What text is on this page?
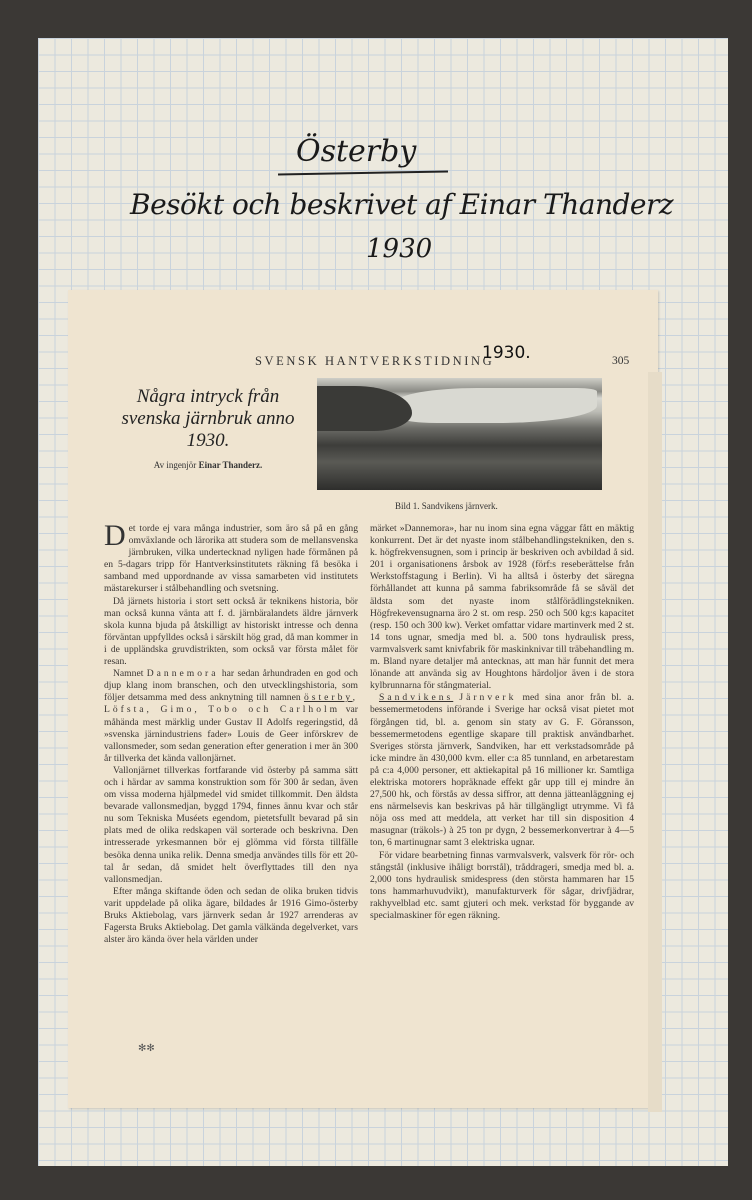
Österby
Besökt och beskrivet af Einar Thanderz
1930
SVENSK HANTVERKSTIDNING
1930.	305
Några intryck från svenska järnbruk anno 1930.
Av ingenjör Einar Thanderz.
Bild 1. Sandvikens järnverk.

Det torde ej vara många industrier, som äro så på en gång omväxlande och lärorika att studera som de mellansvenska järnbruken, vilka undertecknad nyligen hade förmånen på en 5-dagars tripp för Hantverksinstitutets räkning få besöka i samband med uppordnande av vissa samarbeten vid institutets mästarekurser i stålbehandling och svetsning.

Då järnets historia i stort sett också är teknikens historia, bör man också kunna vänta att f. d. järnbäralandets äldre järnverk skola kunna bjuda på åtskilligt av historiskt intresse och denna förväntan uppfylldes också i särskilt hög grad, då man kommer in i de uppländska gruvdistrikten, som också var första målet för resan.

Namnet Dannemora har sedan århundraden en god och djup klang inom branschen, och den utvecklingshistoria, som följer detsamma med dess anknytning till namnen österby, Löfsta, Gimo, Tobo och Carlholm var måhända mest märklig under Gustav II Adolfs regeringstid, då »svenska järnindustriens fader» Louis de Geer införskrev de vallonsmeder, som sedan generation efter generation i mer än 300 år tillverka det kända vallonjärnet.

Vallonjärnet tillverkas fortfarande vid österby på samma sätt och i härdar av samma konstruktion som för 300 år sedan, även om vissa moderna hjälpmedel vid smidet tillkommit. Den äldsta bevarade vallonsmedjan, byggd 1794, finnes ännu kvar och står nu som Tekniska Muséets egendom, pietetsfullt bevarad på sin plats med de olika redskapen väl sorterade och beskrivna. Den intresserade yrkesmannen bör ej glömma vid första tillfälle besöka denna unika relik. Denna smedja användes tills för ett 20-tal år sedan, då smidet helt överflyttades till den nya vallonsmedjan.

Efter många skiftande öden och sedan de olika bruken tidvis varit uppdelade på olika ägare, bildades år 1916 Gimo-österby Bruks Aktiebolag, vars järnverk sedan år 1927 arrenderas av Fagersta Bruks Aktiebolag. Det gamla välkända degelverket, vars alster äro kända över hela världen under

✻✻

märket »Dannemora», har nu inom sina egna väggar fått en mäktig konkurrent. Det är det nyaste inom stålbehandlingstekniken, den s. k. högfrekvensugnen, som i princip är beskriven och avbildad å sid. 201 i organisationens årsbok av 1928 (förf:s reseberättelse från Werkstoffstagung i Berlin). Vi ha alltså i österby det säregna förhållandet att kunna på samma fabriksområde få se såväl det äldsta som det nyaste inom stålförädlingstekniken. Högfrekevensugnarna äro 2 st. om resp. 250 och 500 kg:s kapacitet (resp. 150 och 300 kw). Verket omfattar vidare martinverk med 2 st. 14 tons ugnar, smedja med bl. a. 500 tons hydraulisk press, varmvalsverk samt knivfabrik för maskinknivar till träbehandling m. m. Bland nyare detaljer må antecknas, att man här funnit det mera lönande att använda sig av Houghtons härdoljor även i de stora kylbrunnarna för stångmaterial.

Sandvikens Järnverk med sina anor från bl. a. bessemermetodens införande i Sverige har också visat pietet mot förgången tid, bl. a. genom sin staty av G. F. Göransson, bessemermetodens egentlige skapare till praktisk användbarhet. Sveriges största järnverk, Sandviken, har ett verkstadsområde på icke mindre än 430,000 kvm. eller c:a 85 tunnland, en arbetarestam på c:a 4,000 personer, ett aktiekapital på 16 millioner kr. Samtliga elektriska motorers hopräknade effekt går upp till ej mindre än 27,500 hk, och förstås av dessa siffror, att denna jätteanläggning ej ens närmelsevis kan beskrivas på här tillgängligt utrymme. Vi få nöja oss med att meddela, att verket har till sin disposition 4 masugnar (träkols-) à 25 ton pr dygn, 2 bessemerkonvertrar à 4—5 ton, 6 martinugnar samt 3 elektriska ugnar.

För vidare bearbetning finnas varmvalsverk, valsverk för rör- och stångstål (inklusive ihåligt borrstål), tråddrageri, smedja med bl. a. 2,000 tons hydraulisk smidespress (den största hammaren har 15 tons hammarhuvudvikt), manufakturverk för sågar, drivfjädrar, rakhyvelblad etc. samt gjuteri och mek. verkstad för byggande av specialmaskiner för egen räkning.
